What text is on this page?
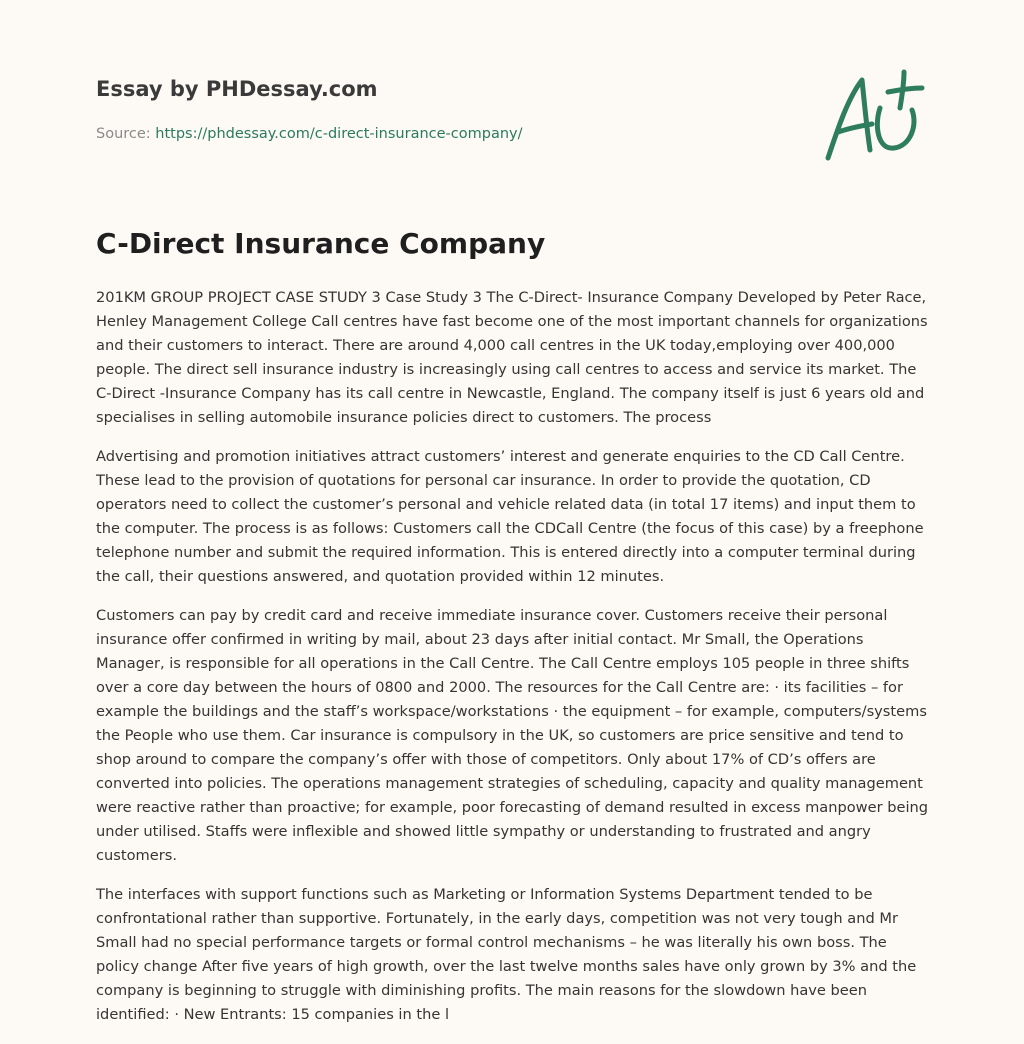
Essay by PHDessay.com

Source: https://phdessay.com/c-direct-insurance-company/
C-Direct Insurance Company

201KM GROUP PROJECT CASE STUDY 3 Case Study 3 The C-Direct- Insurance Company Developed by Peter Race, Henley Management College Call centres have fast become one of the most important channels for organizations and their customers to interact. There are around 4,000 call centres in the UK today,employing over 400,000 people. The direct sell insurance industry is increasingly using call centres to access and service its market. The C-Direct -Insurance Company has its call centre in Newcastle, England. The company itself is just 6 years old and specialises in selling automobile insurance policies direct to customers. The process

Advertising and promotion initiatives attract customers’ interest and generate enquiries to the CD Call Centre. These lead to the provision of quotations for personal car insurance. In order to provide the quotation, CD operators need to collect the customer’s personal and vehicle related data (in total 17 items) and input them to the computer. The process is as follows: Customers call the CDCall Centre (the focus of this case) by a freephone telephone number and submit the required information. This is entered directly into a computer terminal during the call, their questions answered, and quotation provided within 12 minutes.

Customers can pay by credit card and receive immediate insurance cover. Customers receive their personal insurance offer confirmed in writing by mail, about 23 days after initial contact. Mr Small, the Operations Manager, is responsible for all operations in the Call Centre. The Call Centre employs 105 people in three shifts over a core day between the hours of 0800 and 2000. The resources for the Call Centre are: · its facilities – for example the buildings and the staff’s workspace/workstations · the equipment – for example, computers/systems the People who use them. Car insurance is compulsory in the UK, so customers are price sensitive and tend to shop around to compare the company’s offer with those of competitors. Only about 17% of CD’s offers are converted into policies. The operations management strategies of scheduling, capacity and quality management were reactive rather than proactive; for example, poor forecasting of demand resulted in excess manpower being under utilised. Staffs were inflexible and showed little sympathy or understanding to frustrated and angry customers.

The interfaces with support functions such as Marketing or Information Systems Department tended to be confrontational rather than supportive. Fortunately, in the early days, competition was not very tough and Mr Small had no special performance targets or formal control mechanisms – he was literally his own boss. The policy change After five years of high growth, over the last twelve months sales have only grown by 3% and the company is beginning to struggle with diminishing profits. The main reasons for the slowdown have been identified: · New Entrants: 15 companies in the l
